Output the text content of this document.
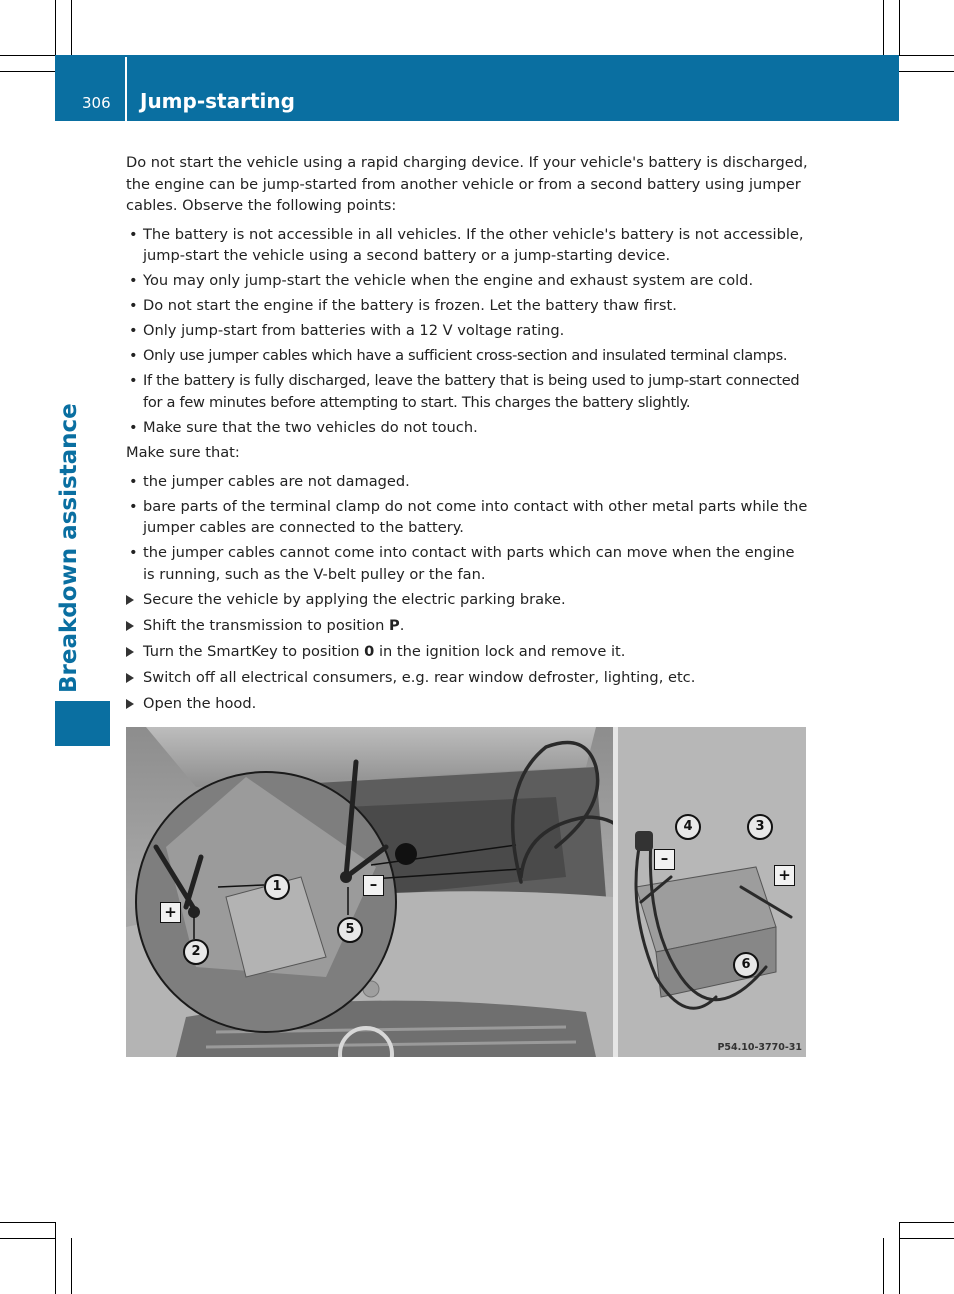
306 Jump-starting
Breakdown assistance

Do not start the vehicle using a rapid charging device. If your vehicle's battery is discharged, the engine can be jump-started from another vehicle or from a second battery using jumper cables. Observe the following points:

• The battery is not accessible in all vehicles. If the other vehicle's battery is not accessible, jump-start the vehicle using a second battery or a jump-starting device.
• You may only jump-start the vehicle when the engine and exhaust system are cold.
• Do not start the engine if the battery is frozen. Let the battery thaw first.
• Only jump-start from batteries with a 12 V voltage rating.
• Only use jumper cables which have a sufficient cross-section and insulated terminal clamps.
• If the battery is fully discharged, leave the battery that is being used to jump-start connected for a few minutes before attempting to start. This charges the battery slightly.
• Make sure that the two vehicles do not touch.

Make sure that:

• the jumper cables are not damaged.
• bare parts of the terminal clamp do not come into contact with other metal parts while the jumper cables are connected to the battery.
• the jumper cables cannot come into contact with parts which can move when the engine is running, such as the V-belt pulley or the fan.
Secure the vehicle by applying the electric parking brake.
Shift the transmission to position P.
Turn the SmartKey to position 0 in the ignition lock and remove it.
Switch off all electrical consumers, e.g. rear window defroster, lighting, etc.
Open the hood.
1
2
3
4
5
6
+
–
–
+
P54.10-3770-31
